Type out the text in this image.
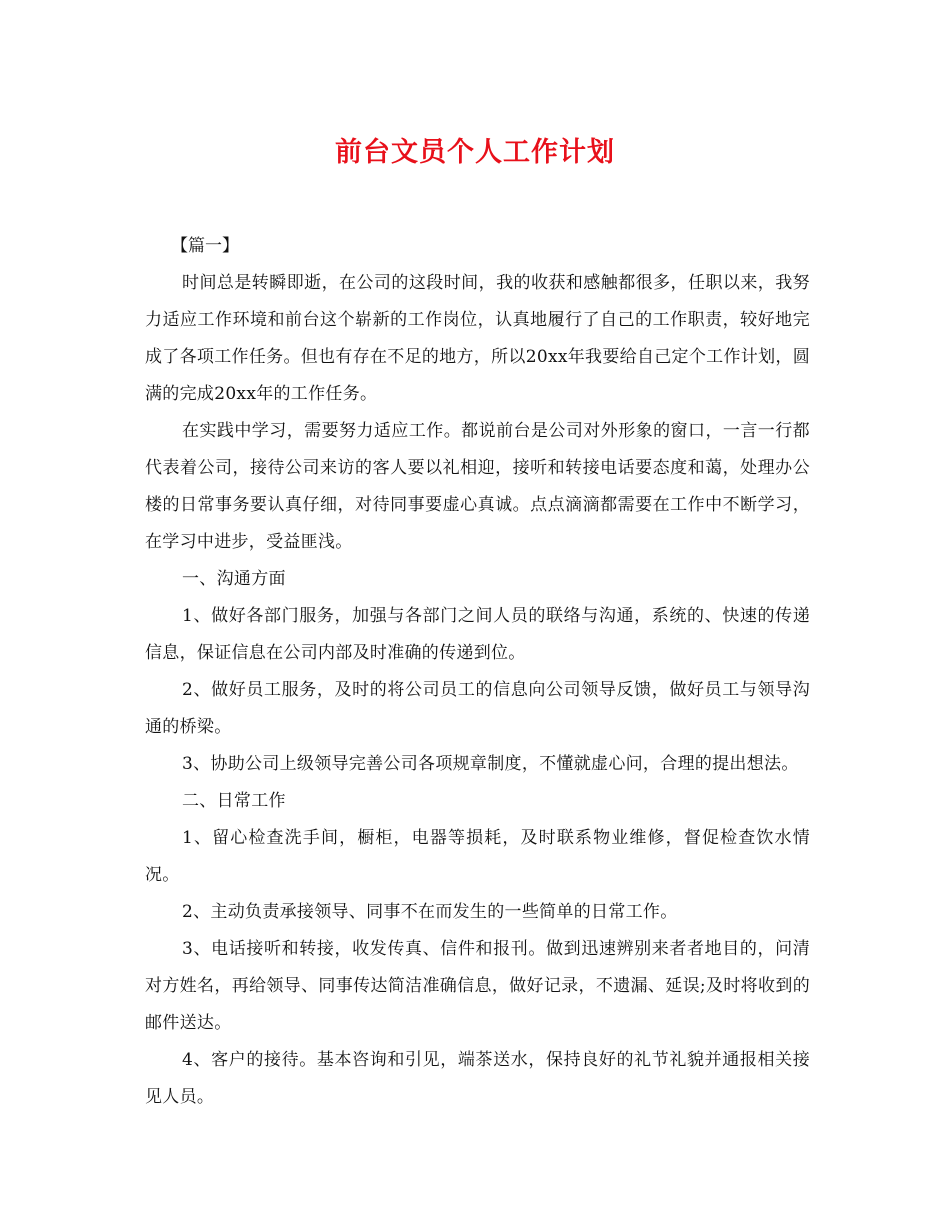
前台文员个人工作计划

【篇一】

时间总是转瞬即逝，在公司的这段时间，我的收获和感触都很多，任职以来，我努力适应工作环境和前台这个崭新的工作岗位，认真地履行了自己的工作职责，较好地完成了各项工作任务。但也有存在不足的地方，所以20xx年我要给自己定个工作计划，圆满的完成20xx年的工作任务。

在实践中学习，需要努力适应工作。都说前台是公司对外形象的窗口，一言一行都代表着公司，接待公司来访的客人要以礼相迎，接听和转接电话要态度和蔼，处理办公楼的日常事务要认真仔细，对待同事要虚心真诚。点点滴滴都需要在工作中不断学习，在学习中进步，受益匪浅。

一、沟通方面

1、做好各部门服务，加强与各部门之间人员的联络与沟通，系统的、快速的传递信息，保证信息在公司内部及时准确的传递到位。

2、做好员工服务，及时的将公司员工的信息向公司领导反馈，做好员工与领导沟通的桥梁。

3、协助公司上级领导完善公司各项规章制度，不懂就虚心问，合理的提出想法。

二、日常工作

1、留心检查洗手间，橱柜，电器等损耗，及时联系物业维修，督促检查饮水情况。

2、主动负责承接领导、同事不在而发生的一些简单的日常工作。

3、电话接听和转接，收发传真、信件和报刊。做到迅速辨别来者者地目的，问清对方姓名，再给领导、同事传达简洁准确信息，做好记录，不遗漏、延误;及时将收到的邮件送达。

4、客户的接待。基本咨询和引见，端茶送水，保持良好的礼节礼貌并通报相关接见人员。
